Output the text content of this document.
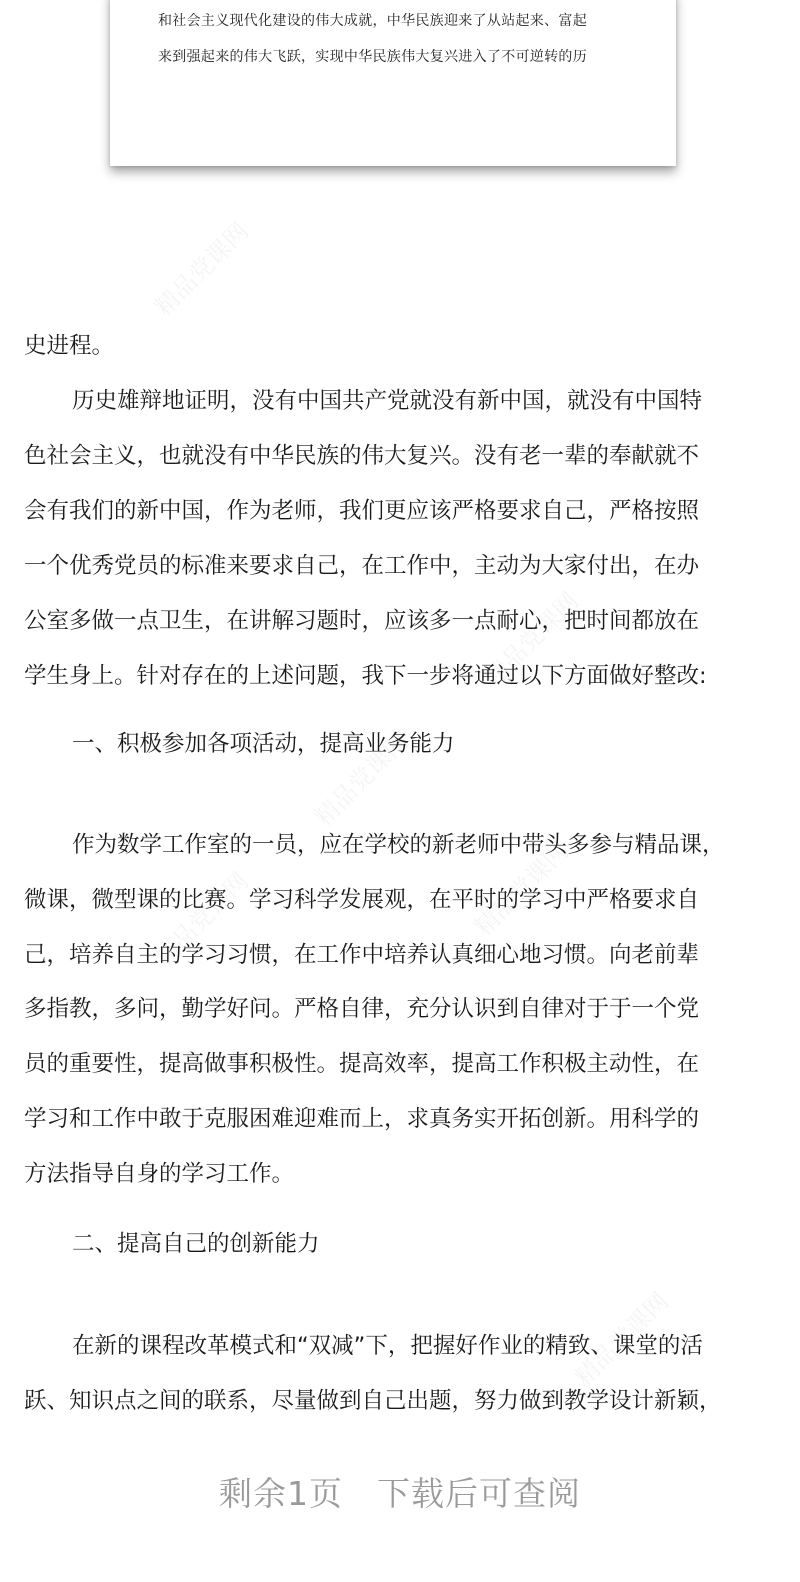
和社会主义现代化建设的伟大成就，中华民族迎来了从站起来、富起
来到强起来的伟大飞跃，实现中华民族伟大复兴进入了不可逆转的历
史进程。
历史雄辩地证明，没有中国共产党就没有新中国，就没有中国特
色社会主义，也就没有中华民族的伟大复兴。没有老一辈的奉献就不
会有我们的新中国，作为老师，我们更应该严格要求自己，严格按照
一个优秀党员的标准来要求自己，在工作中，主动为大家付出，在办
公室多做一点卫生，在讲解习题时，应该多一点耐心，把时间都放在
学生身上。针对存在的上述问题，我下一步将通过以下方面做好整改:
一、积极参加各项活动，提高业务能力
作为数学工作室的一员，应在学校的新老师中带头多参与精品课，
微课，微型课的比赛。学习科学发展观，在平时的学习中严格要求自
己，培养自主的学习习惯，在工作中培养认真细心地习惯。向老前辈
多指教，多问，勤学好问。严格自律，充分认识到自律对于于一个党
员的重要性，提高做事积极性。提高效率，提高工作积极主动性，在
学习和工作中敢于克服困难迎难而上，求真务实开拓创新。用科学的
方法指导自身的学习工作。
二、提高自己的创新能力
在新的课程改革模式和“双减”下，把握好作业的精致、课堂的活
跃、知识点之间的联系，尽量做到自己出题，努力做到教学设计新颖，
剩余1页　下载后可查阅
